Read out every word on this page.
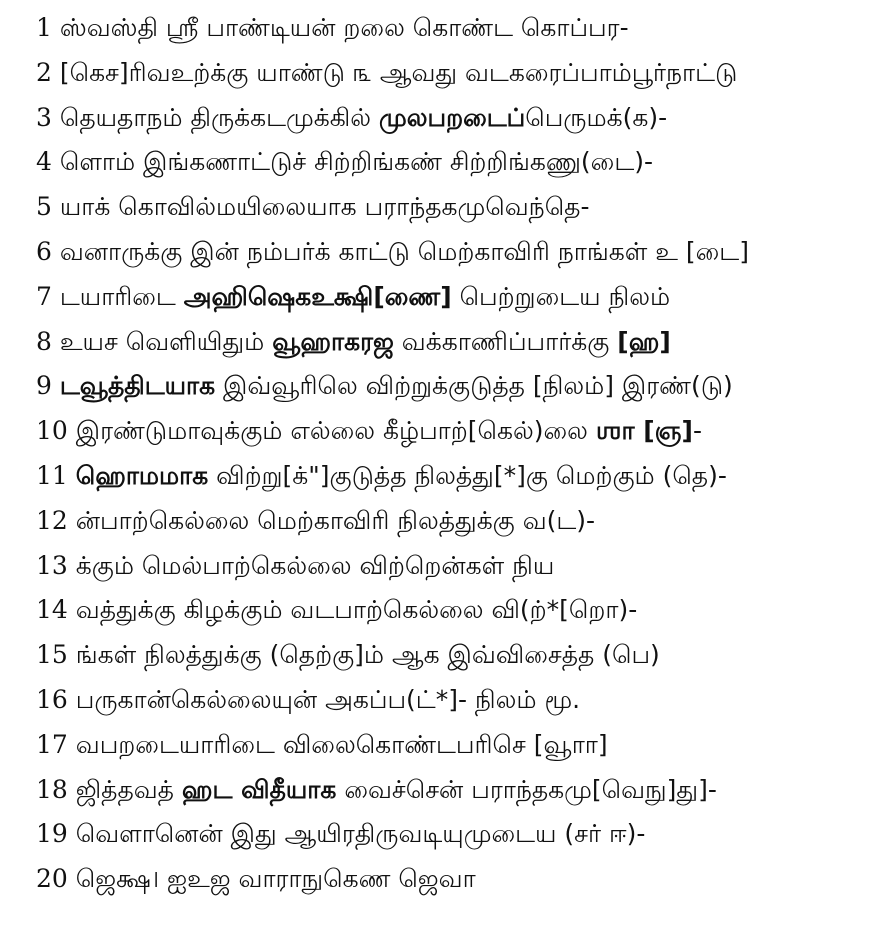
1 ஸ்வஸ்தி ஸ்ரீ பாண்டியன் றலை கொண்ட கொப்பர-
2 [கெச]ரிவஉற்க்கு யாண்டு ௩ ஆவது வடகரைப்பாம்பூர்நாட்டு
3 தெயதாநம் திருக்கடமுக்கில் முலபறடைப்பெருமக்(க)-
4 ளொம் இங்கணாட்டுச் சிற்றிங்கண் சிற்றிங்கணு(டை)-
5 யாக் கொவில்மயிலையாக பராந்தகமுவெந்தெ-
6 வனாருக்கு இன் நம்பர்க் காட்டு மெற்காவிரி நாங்கள் உ [டை]
7 டயாரிடை அஹிஷெகஉக்ஷி[ணை] பெற்றுடைய நிலம்
8 உயச வெளியிதும் வூஹாகரஜ வக்காணிப்பார்க்கு [ஹ]
9 டவூத்திடயாக இவ்வூரிலெ விற்றுக்குடுத்த [நிலம்] இரண்(டு)
10 இரண்டுமாவுக்கும் எல்லை கீழ்பாற்[கெல்)லை ஶா [ஞ]-
11 ஹொமமாக விற்று[க்"]குடுத்த நிலத்து[*]கு மெற்கும் (தெ)-
12 ன்பாற்கெல்லை மெற்காவிரி நிலத்துக்கு வ(ட)-
13 க்கும் மெல்பாற்கெல்லை விற்றென்கள் நிய
14 வத்துக்கு கிழக்கும் வடபாற்கெல்லை வி(ற்*[றொ)-
15 ங்கள் நிலத்துக்கு (தெற்கு]ம் ஆக இவ்விசைத்த (பெ)
16 பருகான்கெல்லையுன் அகப்ப(ட்*]- நிலம் மூ.
17 வபறடையாரிடை விலைகொண்டபரிசெ [வூாா]
18 ஜித்தவத் ஹட விதீயாக வைச்சென் பராந்தகமு[வெநு]து]-
19 வெளானென் இது ஆயிரதிருவடியுமுடைய (சர் ஈ)-
20 ஜெக்ஷ। ஐஉஜ வாராநுகெண ஜெவா
